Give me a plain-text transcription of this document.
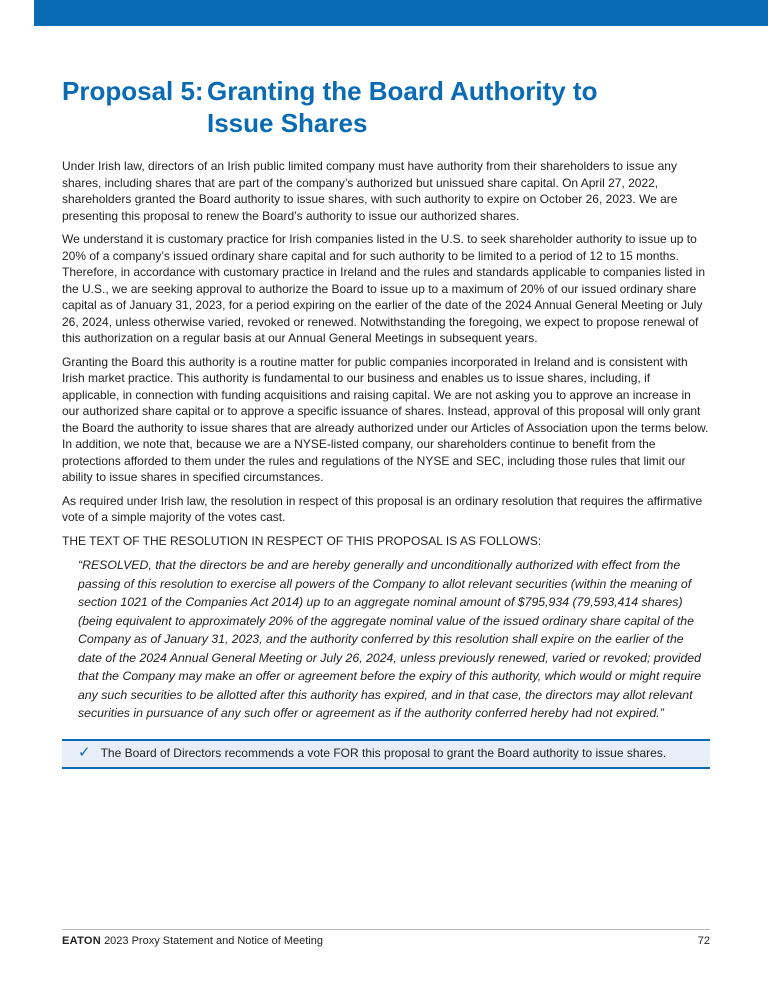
Proposal 5: Granting the Board Authority to Issue Shares

Under Irish law, directors of an Irish public limited company must have authority from their shareholders to issue any shares, including shares that are part of the company’s authorized but unissued share capital. On April 27, 2022, shareholders granted the Board authority to issue shares, with such authority to expire on October 26, 2023. We are presenting this proposal to renew the Board’s authority to issue our authorized shares.

We understand it is customary practice for Irish companies listed in the U.S. to seek shareholder authority to issue up to 20% of a company’s issued ordinary share capital and for such authority to be limited to a period of 12 to 15 months. Therefore, in accordance with customary practice in Ireland and the rules and standards applicable to companies listed in the U.S., we are seeking approval to authorize the Board to issue up to a maximum of 20% of our issued ordinary share capital as of January 31, 2023, for a period expiring on the earlier of the date of the 2024 Annual General Meeting or July 26, 2024, unless otherwise varied, revoked or renewed. Notwithstanding the foregoing, we expect to propose renewal of this authorization on a regular basis at our Annual General Meetings in subsequent years.

Granting the Board this authority is a routine matter for public companies incorporated in Ireland and is consistent with Irish market practice. This authority is fundamental to our business and enables us to issue shares, including, if applicable, in connection with funding acquisitions and raising capital. We are not asking you to approve an increase in our authorized share capital or to approve a specific issuance of shares. Instead, approval of this proposal will only grant the Board the authority to issue shares that are already authorized under our Articles of Association upon the terms below. In addition, we note that, because we are a NYSE-listed company, our shareholders continue to benefit from the protections afforded to them under the rules and regulations of the NYSE and SEC, including those rules that limit our ability to issue shares in specified circumstances.

As required under Irish law, the resolution in respect of this proposal is an ordinary resolution that requires the affirmative vote of a simple majority of the votes cast.

THE TEXT OF THE RESOLUTION IN RESPECT OF THIS PROPOSAL IS AS FOLLOWS:

“RESOLVED, that the directors be and are hereby generally and unconditionally authorized with effect from the passing of this resolution to exercise all powers of the Company to allot relevant securities (within the meaning of section 1021 of the Companies Act 2014) up to an aggregate nominal amount of $795,934 (79,593,414 shares) (being equivalent to approximately 20% of the aggregate nominal value of the issued ordinary share capital of the Company as of January 31, 2023, and the authority conferred by this resolution shall expire on the earlier of the date of the 2024 Annual General Meeting or July 26, 2024, unless previously renewed, varied or revoked; provided that the Company may make an offer or agreement before the expiry of this authority, which would or might require any such securities to be allotted after this authority has expired, and in that case, the directors may allot relevant securities in pursuance of any such offer or agreement as if the authority conferred hereby had not expired.”

✓ The Board of Directors recommends a vote FOR this proposal to grant the Board authority to issue shares.
EATON 2023 Proxy Statement and Notice of Meeting	72
